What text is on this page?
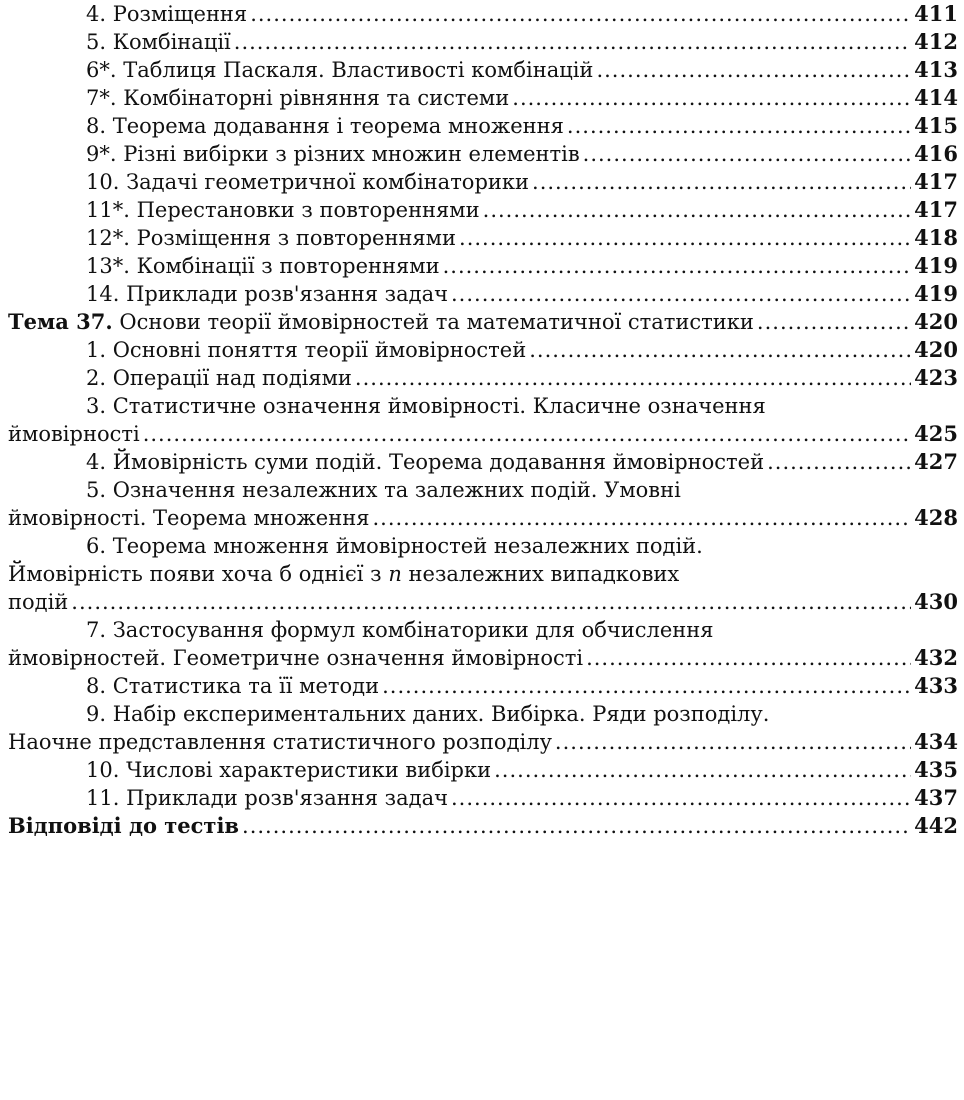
4. Розміщення .....	411
5. Комбінації .....	412
6*. Таблиця Паскаля. Властивості комбінацій .....	413
7*. Комбінаторні рівняння та системи .....	414
8. Теорема додавання і теорема множення .....	415
9*. Різні вибірки з різних множин елементів .....	416
10. Задачі геометричної комбінаторики .....	417
11*. Перестановки з повтореннями .....	417
12*. Розміщення з повтореннями .....	418
13*. Комбінації з повтореннями .....	419
14. Приклади розв'язання задач .....	419
Тема 37. Основи теорії ймовірностей та математичної статистики .....	420
1. Основні поняття теорії ймовірностей .....	420
2. Операції над подіями .....	423
3. Статистичне означення ймовірності. Класичне означення
ймовірності .....	425
4. Ймовірність суми подій. Теорема додавання ймовірностей .....	427
5. Означення незалежних та залежних подій. Умовні
ймовірності. Теорема множення .....	428
6. Теорема множення ймовірностей незалежних подій.
Ймовірність появи хоча б однієї з n незалежних випадкових
подій .....	430
7. Застосування формул комбінаторики для обчислення
ймовірностей. Геометричне означення ймовірності .....	432
8. Статистика та її методи .....	433
9. Набір експериментальних даних. Вибірка. Ряди розподілу.
Наочне представлення статистичного розподілу .....	434
10. Числові характеристики вибірки .....	435
11. Приклади розв'язання задач .....	437
Відповіді до тестів .....	442
